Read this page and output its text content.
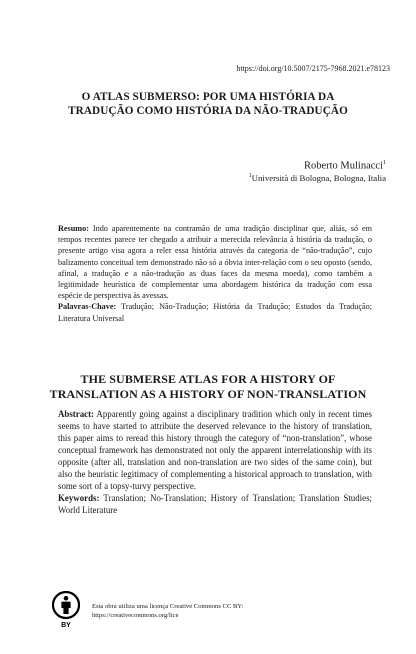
https://doi.org/10.5007/2175-7968.2021.e78123
O ATLAS SUBMERSO: POR UMA HISTÓRIA DA
TRADUÇÃO COMO HISTÓRIA DA NÃO-TRADUÇÃO
Roberto Mulinacci$^1$
$^1$Università di Bologna, Bologna, Italia

Resumo: Indo aparentemente na contramão de uma tradição disciplinar que, aliás, só em tempos recentes parece ter chegado a atribuir a merecida relevância à história da tradução, o presente artigo visa agora a reler essa história através da categoria de “não-tradução”, cujo balizamento conceitual tem demonstrado não só a óbvia inter-relação com o seu oposto (sendo, afinal, a tradução e a não-tradução as duas faces da mesma moeda), como também a legitimidade heurística de complementar uma abordagem histórica da tradução com essa espécie de perspectiva às avessas.

Palavras-Chave: Tradução; Não-Tradução; História da Tradução; Estudos da Tradução; Literatura Universal

THE SUBMERSE ATLAS FOR A HISTORY OF
TRANSLATION AS A HISTORY OF NON-TRANSLATION

Abstract: Apparently going against a disciplinary tradition which only in recent times seems to have started to attribute the deserved relevance to the history of translation, this paper aims to reread this history through the category of “non-translation”, whose conceptual framework has demonstrated not only the apparent interrelationship with its opposite (after all, translation and non-translation are two sides of the same coin), but also the heuristic legitimacy of complementing a historical approach to translation, with some sort of a topsy-turvy perspective.

Keywords: Translation; No-Translation; History of Translation; Translation Studies; World Literature

BY
Esta obra utiliza uma licença Creative Commons CC BY:
https://creativecommons.org/lice
